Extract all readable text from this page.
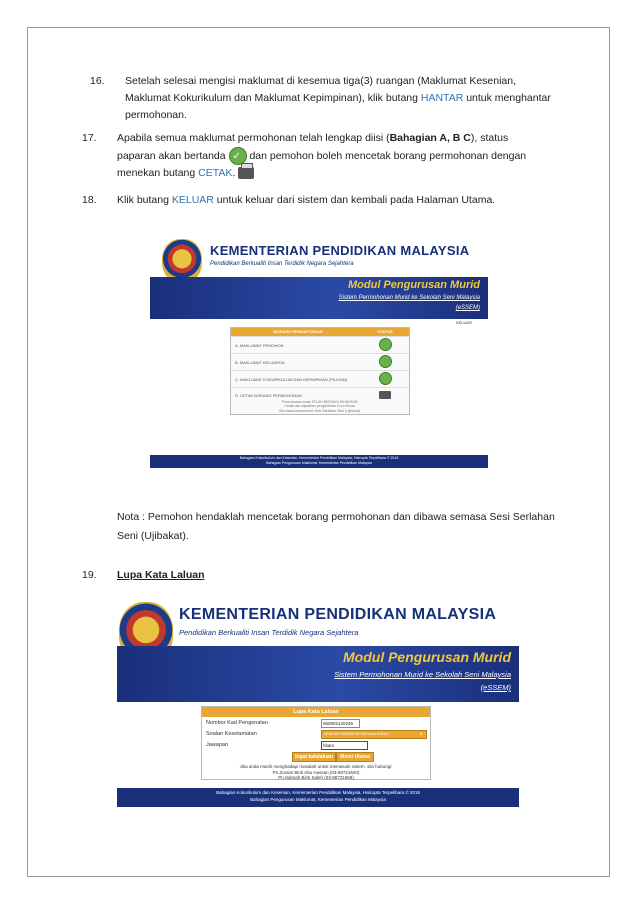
16. Setelah selesai mengisi maklumat di kesemua tiga(3) ruangan (Maklumat Kesenian, Maklumat Kokurikulum dan Maklumat Kepimpinan), klik butang HANTAR untuk menghantar permohonan.
17. Apabila semua maklumat permohonan telah lengkap diisi (Bahagian A, B C), status paparan akan bertanda ✓ dan pemohon boleh mencetak borang permohonan dengan menekan butang CETAK.
18. Klik butang KELUAR untuk keluar dari sistem dan kembali pada Halaman Utama.
KEMENTERIAN PENDIDIKAN MALAYSIA
Pendidikan Berkualiti Insan Terdidik Negara Sejahtera
Modul Pengurusan Murid
Sistem Permohonan Murid ke Sekolah Seni Malaysia
(eSSEM)
KELUAR
BORANG PENDAFTARAN	STATUS
A. MAKLUMAT PEMOHON
B. MAKLUMAT KELUARGA
C. MAKLUMAT KOKURIKULUM DAN KEPIMPINAN (PILIHAN)
D. CETAK BORANG PERMOHONAN
Permohonan anda TELAH BERJAYA DIHANTAR.
Cetak dan dapatkan pengesahan Guru Besar.
Sila bawa bersama ke Sesi Serlahan Seni (Ujibakat).
Bahagian Kokurikulum dan Kesenian, Kementerian Pendidikan Malaysia, Halcopta Terpelihara © 2018
Bahagian Pengurusan Maklumat, Kementerian Pendidikan Malaysia
Nota : Pemohon hendaklah mencetak borang permohonan dan dibawa semasa Sesi Serlahan Seni (Ujibakat).
19. Lupa Kata Laluan
KEMENTERIAN PENDIDIKAN MALAYSIA
Pendidikan Berkualiti Insan Terdidik Negara Sejahtera
Modul Pengurusan Murid
Sistem Permohonan Murid ke Sekolah Seni Malaysia
(eSSEM)
Lupa Kata Laluan
Nombor Kad Pengenalan	060802120245
Soalan Keselamatan	APAKAH WARNA KESUKAAN ANDA?	▼
Jawapan	hitam
Ingat katalaluan	Menu Utama
Jika anda masih menghadapi masalah untuk memasuki sistem, sila hubungi:
Pn.Zuraini Binti Abu Hassan (03-88721620)
Pn.Salmah Binti Saleh (03-88721659)
Bahagian Kokurikulum dan Kesenian, Kementerian Pendidikan Malaysia, Halcopta Terpelihara © 2018
Bahagian Pengurusan Maklumat, Kementerian Pendidikan Malaysia
